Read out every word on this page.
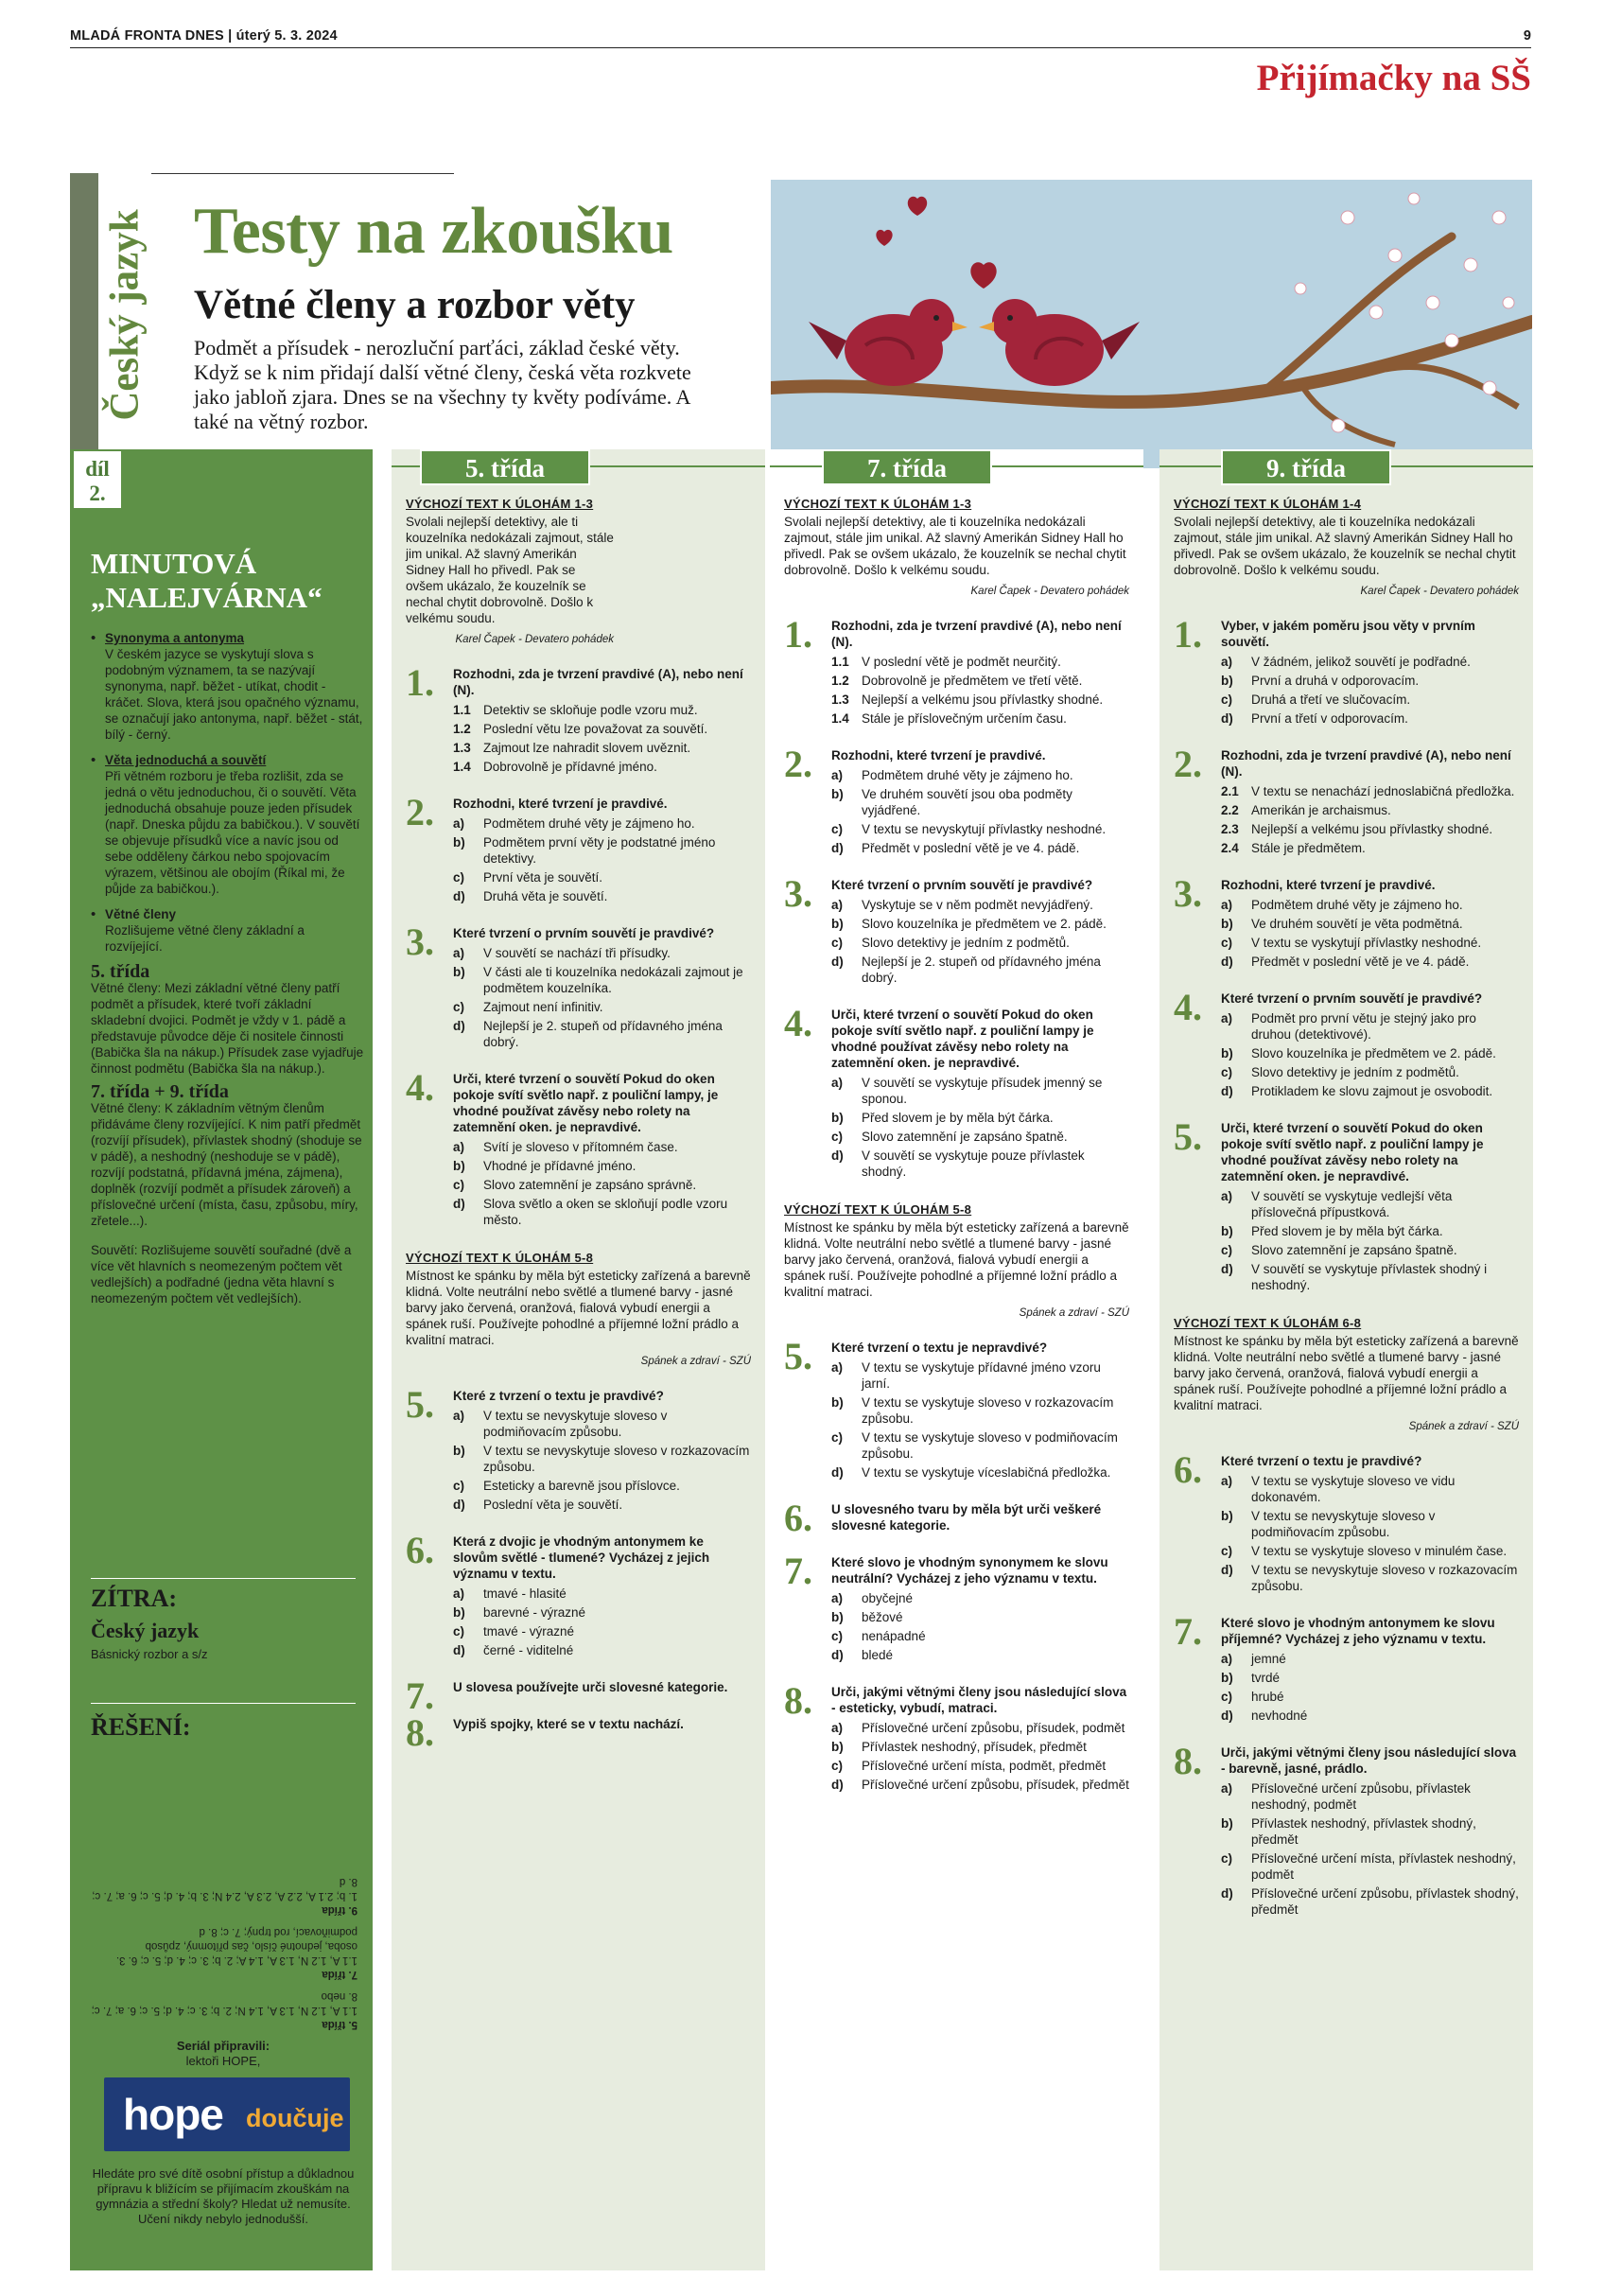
MLADÁ FRONTA DNES | úterý 5. 3. 2024	9
Přijímačky na SŠ
Český jazyk Testy na zkoušku
Větné členy a rozbor věty
Podmět a přísudek - nerozluční parťáci, základ české věty. Když se k nim přidají další větné členy, česká věta rozkvete jako jabloň zjara. Dnes se na všechny ty květy podíváme. A také na větný rozbor.
díl
2.
MINUTOVÁ
„NALEJVÁRNA“
• Synonyma a antonyma
V českém jazyce se vyskytují slova s podobným významem, ta se nazývají synonyma, např. běžet - utíkat, chodit - kráčet. Slova, která jsou opačného významu, se označují jako antonyma, např. běžet - stát, bílý - černý.
• Věta jednoduchá a souvětí
Při větném rozboru je třeba rozlišit, zda se jedná o větu jednoduchou, či o souvětí. Věta jednoduchá obsahuje pouze jeden přísudek (např. Dneska půjdu za babičkou.). V souvětí se objevuje přísudků více a navíc jsou od sebe odděleny čárkou nebo spojovacím výrazem, většinou ale obojím (Říkal mi, že půjde za babičkou.).
• Větné členy
Rozlišujeme větné členy základní a rozvíjející.
5. třída
Větné členy: Mezi základní větné členy patří podmět a přísudek, které tvoří základní skladební dvojici. Podmět je vždy v 1. pádě a představuje původce děje či nositele činnosti (Babička šla na nákup.) Přísudek zase vyjadřuje činnost podmětu (Babička šla na nákup.).
7. třída + 9. třída
Větné členy: K základním větným členům přidáváme členy rozvíjející. K nim patří předmět (rozvíjí přísudek), přívlastek shodný (shoduje se v pádě), a neshodný (neshoduje se v pádě), rozvíjí podstatná, přídavná jména, zájmena), doplněk (rozvíjí podmět a přísudek zároveň) a příslovečné určení (místa, času, způsobu, míry, zřetele...).
Souvětí: Rozlišujeme souvětí souřadné (dvě a více vět hlavních s neomezeným počtem vět vedlejších) a podřadné (jedna věta hlavní s neomezeným počtem vět vedlejších).
ZÍTRA:
Český jazyk
Básnický rozbor a s/z
ŘEŠENÍ:
5. třída
1.1 A, 1.2 N, 1.3 A, 1.4 N; 2. b; 3. c; 4. d; 5. c; 6. a; 7. c; 8. nebo
7. třída
1.1 A, 1.2 N, 1.3 A, 1.4 A; 2. b; 3. c; 4. d; 5. c; 6. 3. osoba, jednotné číslo, čas přítomný, způsob podmiňovací, rod trpný; 7. c; 8. d
9. třída
1. b; 2.1 A, 2.2 A, 2.3 A, 2.4 N; 3. b; 4. d; 5. c; 6. a; 7. c; 8. d
Seriál připravili:
lektoři HOPE,
hope doučuje
Hledáte pro své dítě osobní přístup a důkladnou přípravu k bližícím se přijímacím zkouškám na gymnázia a střední školy? Hledat už nemusíte. Učení nikdy nebylo jednodušší.
5. třída
VÝCHOZÍ TEXT K ÚLOHÁM 1-3
Svolali nejlepší detektivy, ale ti kouzelníka nedokázali zajmout, stále jim unikal. Až slavný Amerikán Sidney Hall ho přivedl. Pak se ovšem ukázalo, že kouzelník se nechal chytit dobrovolně. Došlo k velkému soudu.
Karel Čapek - Devatero pohádek
1. Rozhodni, zda je tvrzení pravdivé (A), nebo není (N).
1.1 Detektiv se skloňuje podle vzoru muž.
1.2 Poslední větu lze považovat za souvětí.
1.3 Zajmout lze nahradit slovem uvěznit.
1.4 Dobrovolně je přídavné jméno.
2. Rozhodni, které tvrzení je pravdivé.
a)	Podmětem druhé věty je zájmeno ho.
b)	Podmětem první věty je podstatné jméno detektivy.
c)	První věta je souvětí.
d)	Druhá věta je souvětí.
3. Které tvrzení o prvním souvětí je pravdivé?
a)	V souvětí se nachází tři přísudky.
b)	V části ale ti kouzelníka nedokázali zajmout je podmětem kouzelníka.
c)	Zajmout není infinitiv.
d)	Nejlepší je 2. stupeň od přídavného jména dobrý.
4. Urči, které tvrzení o souvětí Pokud do oken pokoje svítí světlo např. z pouliční lampy, je vhodné používat závěsy nebo rolety na zatemnění oken. je nepravdivé.
a)	Svítí je sloveso v přítomném čase.
b)	Vhodné je přídavné jméno.
c)	Slovo zatemnění je zapsáno správně.
d)	Slova světlo a oken se skloňují podle vzoru město.
VÝCHOZÍ TEXT K ÚLOHÁM 5-8
Místnost ke spánku by měla být esteticky zařízená a barevně klidná. Volte neutrální nebo světlé a tlumené barvy - jasné barvy jako červená, oranžová, fialová vybudí energii a spánek ruší. Používejte pohodlné a příjemné ložní prádlo a kvalitní matraci.
Spánek a zdraví - SZÚ
5. Které z tvrzení o textu je pravdivé?
a)	V textu se nevyskytuje sloveso v podmiňovacím způsobu.
b)	V textu se nevyskytuje sloveso v rozkazovacím způsobu.
c)	Esteticky a barevně jsou příslovce.
d)	Poslední věta je souvětí.
6. Která z dvojic je vhodným antonymem ke slovům světlé - tlumené? Vycházej z jejich významu v textu.
a)	tmavé - hlasité
b)	barevné - výrazné
c)	tmavé - výrazné
d)	černé - viditelné
7. U slovesa používejte urči slovesné kategorie.
8. Vypiš spojky, které se v textu nachází.
7. třída
VÝCHOZÍ TEXT K ÚLOHÁM 1-3
Svolali nejlepší detektivy, ale ti kouzelníka nedokázali zajmout, stále jim unikal. Až slavný Amerikán Sidney Hall ho přivedl. Pak se ovšem ukázalo, že kouzelník se nechal chytit dobrovolně. Došlo k velkému soudu.
Karel Čapek - Devatero pohádek
1. Rozhodni, zda je tvrzení pravdivé (A), nebo není (N).
1.1 V poslední větě je podmět neurčitý.
1.2 Dobrovolně je předmětem ve třetí větě.
1.3 Nejlepší a velkému jsou přívlastky shodné.
1.4 Stále je příslovečným určením času.
2. Rozhodni, které tvrzení je pravdivé.
a)	Podmětem druhé věty je zájmeno ho.
b)	Ve druhém souvětí jsou oba podměty vyjádřené.
c)	V textu se nevyskytují přívlastky neshodné.
d)	Předmět v poslední větě je ve 4. pádě.
3. Které tvrzení o prvním souvětí je pravdivé?
a)	Vyskytuje se v něm podmět nevyjádřený.
b)	Slovo kouzelníka je předmětem ve 2. pádě.
c)	Slovo detektivy je jedním z podmětů.
d)	Nejlepší je 2. stupeň od přídavného jména dobrý.
4. Urči, které tvrzení o souvětí Pokud do oken pokoje svítí světlo např. z pouliční lampy je vhodné používat závěsy nebo rolety na zatemnění oken. je nepravdivé.
a)	V souvětí se vyskytuje přísudek jmenný se sponou.
b)	Před slovem je by měla být čárka.
c)	Slovo zatemnění je zapsáno špatně.
d)	V souvětí se vyskytuje pouze přívlastek shodný.
VÝCHOZÍ TEXT K ÚLOHÁM 5-8
Místnost ke spánku by měla být esteticky zařízená a barevně klidná. Volte neutrální nebo světlé a tlumené barvy - jasné barvy jako červená, oranžová, fialová vybudí energii a spánek ruší. Používejte pohodlné a příjemné ložní prádlo a kvalitní matraci.
Spánek a zdraví - SZÚ
5. Které tvrzení o textu je nepravdivé?
a)	V textu se vyskytuje přídavné jméno vzoru jarní.
b)	V textu se vyskytuje sloveso v rozkazovacím způsobu.
c)	V textu se vyskytuje sloveso v podmiňovacím způsobu.
d)	V textu se vyskytuje víceslabičná předložka.
6. U slovesného tvaru by měla být urči veškeré slovesné kategorie.
7. Které slovo je vhodným synonymem ke slovu neutrální? Vycházej z jeho významu v textu.
a)	obyčejné
b)	běžové
c)	nenápadné
d)	bledé
8. Urči, jakými větnými členy jsou následující slova - esteticky, vybudí, matraci.
a)	Příslovečné určení způsobu, přísudek, podmět
b)	Přívlastek neshodný, přísudek, předmět
c)	Příslovečné určení místa, podmět, předmět
d)	Příslovečné určení způsobu, přísudek, předmět
9. třída
VÝCHOZÍ TEXT K ÚLOHÁM 1-4
Svolali nejlepší detektivy, ale ti kouzelníka nedokázali zajmout, stále jim unikal. Až slavný Amerikán Sidney Hall ho přivedl. Pak se ovšem ukázalo, že kouzelník se nechal chytit dobrovolně. Došlo k velkému soudu.
Karel Čapek - Devatero pohádek
1. Vyber, v jakém poměru jsou věty v prvním souvětí.
a)	V žádném, jelikož souvětí je podřadné.
b)	První a druhá v odporovacím.
c)	Druhá a třetí ve slučovacím.
d)	První a třetí v odporovacím.
2. Rozhodni, zda je tvrzení pravdivé (A), nebo není (N).
2.1 V textu se nenachází jednoslabičná předložka.
2.2 Amerikán je archaismus.
2.3 Nejlepší a velkému jsou přívlastky shodné.
2.4 Stále je předmětem.
3. Rozhodni, které tvrzení je pravdivé.
a)	Podmětem druhé věty je zájmeno ho.
b)	Ve druhém souvětí je věta podmětná.
c)	V textu se vyskytují přívlastky neshodné.
d)	Předmět v poslední větě je ve 4. pádě.
4. Které tvrzení o prvním souvětí je pravdivé?
a)	Podmět pro první větu je stejný jako pro druhou (detektivové).
b)	Slovo kouzelníka je předmětem ve 2. pádě.
c)	Slovo detektivy je jedním z podmětů.
d)	Protikladem ke slovu zajmout je osvobodit.
5. Urči, které tvrzení o souvětí Pokud do oken pokoje svítí světlo např. z pouliční lampy je vhodné používat závěsy nebo rolety na zatemnění oken. je nepravdivé.
a)	V souvětí se vyskytuje vedlejší věta příslovečná přípustková.
b)	Před slovem je by měla být čárka.
c)	Slovo zatemnění je zapsáno špatně.
d)	V souvětí se vyskytuje přívlastek shodný i neshodný.
VÝCHOZÍ TEXT K ÚLOHÁM 6-8
Místnost ke spánku by měla být esteticky zařízená a barevně klidná. Volte neutrální nebo světlé a tlumené barvy - jasné barvy jako červená, oranžová, fialová vybudí energii a spánek ruší. Používejte pohodlné a příjemné ložní prádlo a kvalitní matraci.
Spánek a zdraví - SZÚ
6. Které tvrzení o textu je pravdivé?
a)	V textu se vyskytuje sloveso ve vidu dokonavém.
b)	V textu se nevyskytuje sloveso v podmiňovacím způsobu.
c)	V textu se vyskytuje sloveso v minulém čase.
d)	V textu se nevyskytuje sloveso v rozkazovacím způsobu.
7. Které slovo je vhodným antonymem ke slovu příjemné? Vycházej z jeho významu v textu.
a)	jemné
b)	tvrdé
c)	hrubé
d)	nevhodné
8. Urči, jakými větnými členy jsou následující slova - barevně, jasné, prádlo.
a)	Příslovečné určení způsobu, přívlastek neshodný, podmět
b)	Přívlastek neshodný, přívlastek shodný, předmět
c)	Příslovečné určení místa, přívlastek neshodný, podmět
d)	Příslovečné určení způsobu, přívlastek shodný, předmět
